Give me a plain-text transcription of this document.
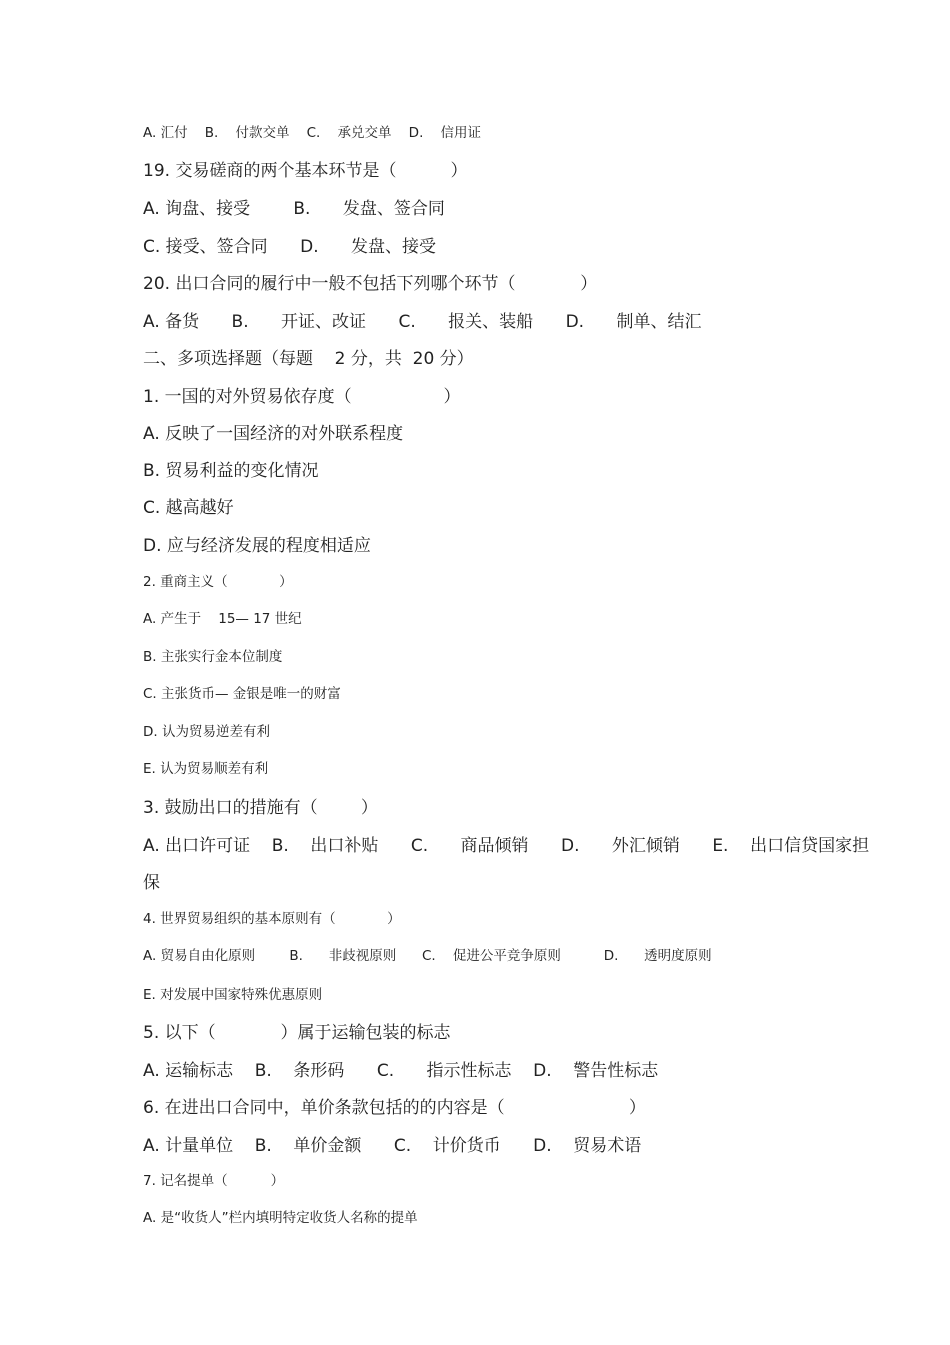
A. 汇付    B.    付款交单    C.    承兑交单    D.    信用证
19. 交易磋商的两个基本环节是（          ）
A. 询盘、接受        B.      发盘、签合同
C. 接受、签合同      D.      发盘、接受
20. 出口合同的履行中一般不包括下列哪个环节（            ）
A. 备货      B.      开证、改证      C.      报关、装船      D.      制单、结汇
二、多项选择题（每题    2 分，共  20 分）
1. 一国的对外贸易依存度（                 ）
A. 反映了一国经济的对外联系程度
B. 贸易利益的变化情况
C. 越高越好
D. 应与经济发展的程度相适应
2. 重商主义（            ）
A. 产生于    15— 17 世纪
B. 主张实行金本位制度
C. 主张货币— 金银是唯一的财富
D. 认为贸易逆差有利
E. 认为贸易顺差有利
3. 鼓励出口的措施有（        ）
A. 出口许可证    B.    出口补贴      C.      商品倾销      D.      外汇倾销      E.    出口信贷国家担
保
4. 世界贸易组织的基本原则有（            ）
A. 贸易自由化原则        B.      非歧视原则      C.    促进公平竞争原则          D.      透明度原则
E. 对发展中国家特殊优惠原则
5. 以下（            ）属于运输包装的标志
A. 运输标志    B.    条形码      C.      指示性标志    D.    警告性标志
6. 在进出口合同中，单价条款包括的的内容是（                       ）
A. 计量单位    B.    单价金额      C.    计价货币      D.    贸易术语
7. 记名提单（          ）
A. 是“收货人”栏内填明特定收货人名称的提单
